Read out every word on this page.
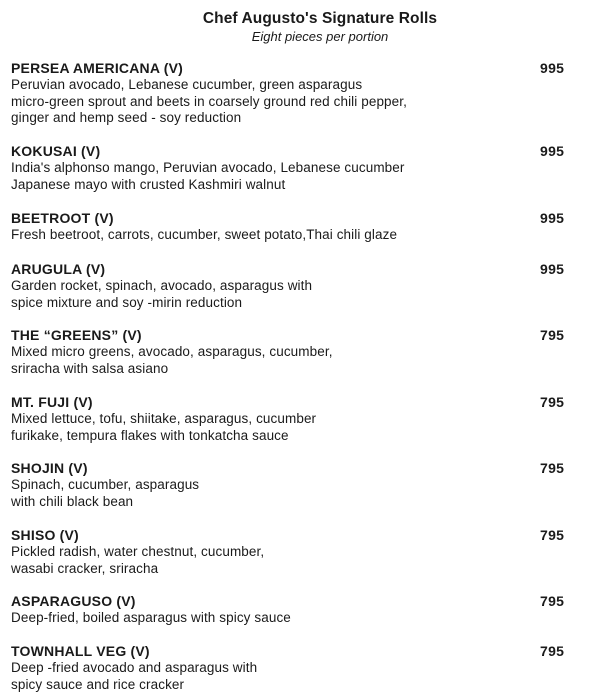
Chef Augusto's Signature Rolls
Eight pieces per portion
PERSEA AMERICANA (V)
Peruvian avocado, Lebanese cucumber, green asparagus
micro-green sprout and beets in coarsely ground red chili pepper,
ginger and hemp seed - soy reduction
995
KOKUSAI (V)
India's alphonso mango, Peruvian avocado, Lebanese cucumber
Japanese mayo with crusted Kashmiri walnut
995
BEETROOT (V)
Fresh beetroot, carrots, cucumber, sweet potato,Thai chili glaze
995
ARUGULA (V)
Garden rocket, spinach, avocado, asparagus with
spice mixture and soy -mirin reduction
995
THE “GREENS” (V)
Mixed micro greens, avocado, asparagus, cucumber,
sriracha with salsa asiano
795
MT. FUJI (V)
Mixed lettuce, tofu, shiitake, asparagus, cucumber
furikake, tempura flakes with tonkatcha sauce
795
SHOJIN (V)
Spinach, cucumber, asparagus
with chili black bean
795
SHISO (V)
Pickled radish, water chestnut, cucumber,
wasabi cracker, sriracha
795
ASPARAGUSO (V)
Deep-fried, boiled asparagus with spicy sauce
795
TOWNHALL VEG (V)
Deep -fried avocado and asparagus with
spicy sauce and rice cracker
795
